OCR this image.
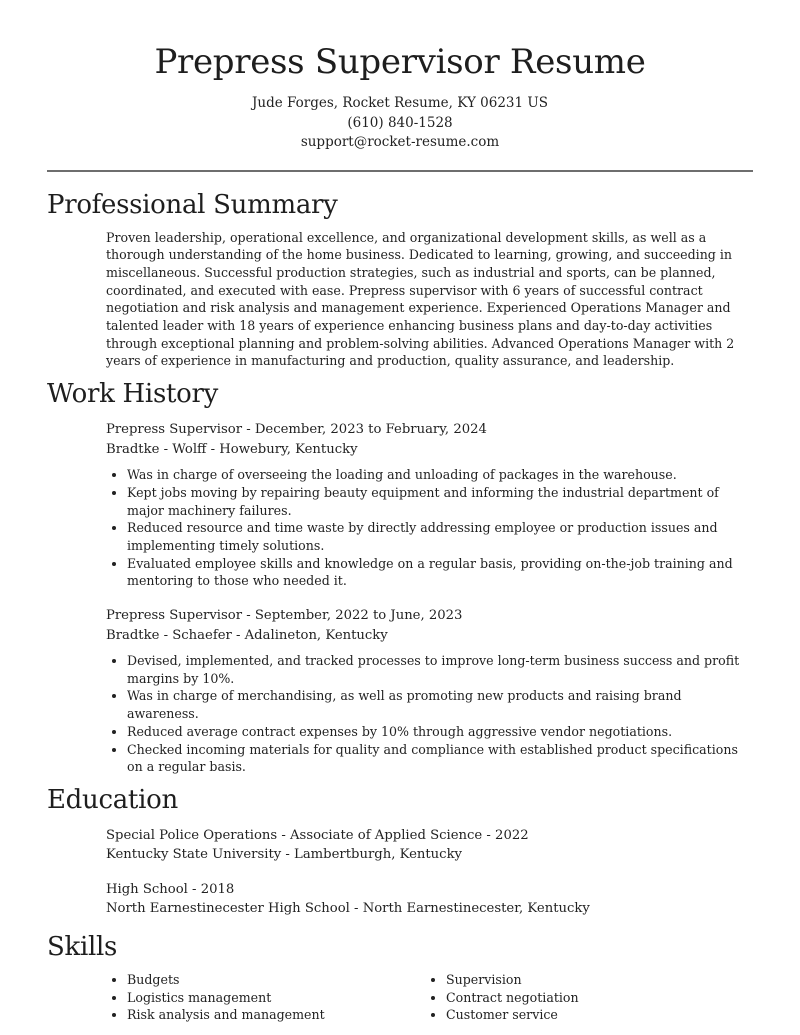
Prepress Supervisor Resume
Jude Forges, Rocket Resume, KY 06231 US
(610) 840-1528
support@rocket-resume.com
Professional Summary
Proven leadership, operational excellence, and organizational development skills, as well as a thorough understanding of the home business. Dedicated to learning, growing, and succeeding in miscellaneous. Successful production strategies, such as industrial and sports, can be planned, coordinated, and executed with ease. Prepress supervisor with 6 years of successful contract negotiation and risk analysis and management experience. Experienced Operations Manager and talented leader with 18 years of experience enhancing business plans and day-to-day activities through exceptional planning and problem-solving abilities. Advanced Operations Manager with 2 years of experience in manufacturing and production, quality assurance, and leadership.
Work History
Prepress Supervisor - December, 2023 to February, 2024
Bradtke - Wolff - Howebury, Kentucky
• Was in charge of overseeing the loading and unloading of packages in the warehouse.
• Kept jobs moving by repairing beauty equipment and informing the industrial department of major machinery failures.
• Reduced resource and time waste by directly addressing employee or production issues and implementing timely solutions.
• Evaluated employee skills and knowledge on a regular basis, providing on-the-job training and mentoring to those who needed it.
Prepress Supervisor - September, 2022 to June, 2023
Bradtke - Schaefer - Adalineton, Kentucky
• Devised, implemented, and tracked processes to improve long-term business success and profit margins by 10%.
• Was in charge of merchandising, as well as promoting new products and raising brand awareness.
• Reduced average contract expenses by 10% through aggressive vendor negotiations.
• Checked incoming materials for quality and compliance with established product specifications on a regular basis.
Education
Special Police Operations - Associate of Applied Science - 2022
Kentucky State University - Lambertburgh, Kentucky
High School - 2018
North Earnestinecester High School - North Earnestinecester, Kentucky
Skills
• Budgets
• Logistics management
• Risk analysis and management
• Supervision
• Contract negotiation
• Customer service
